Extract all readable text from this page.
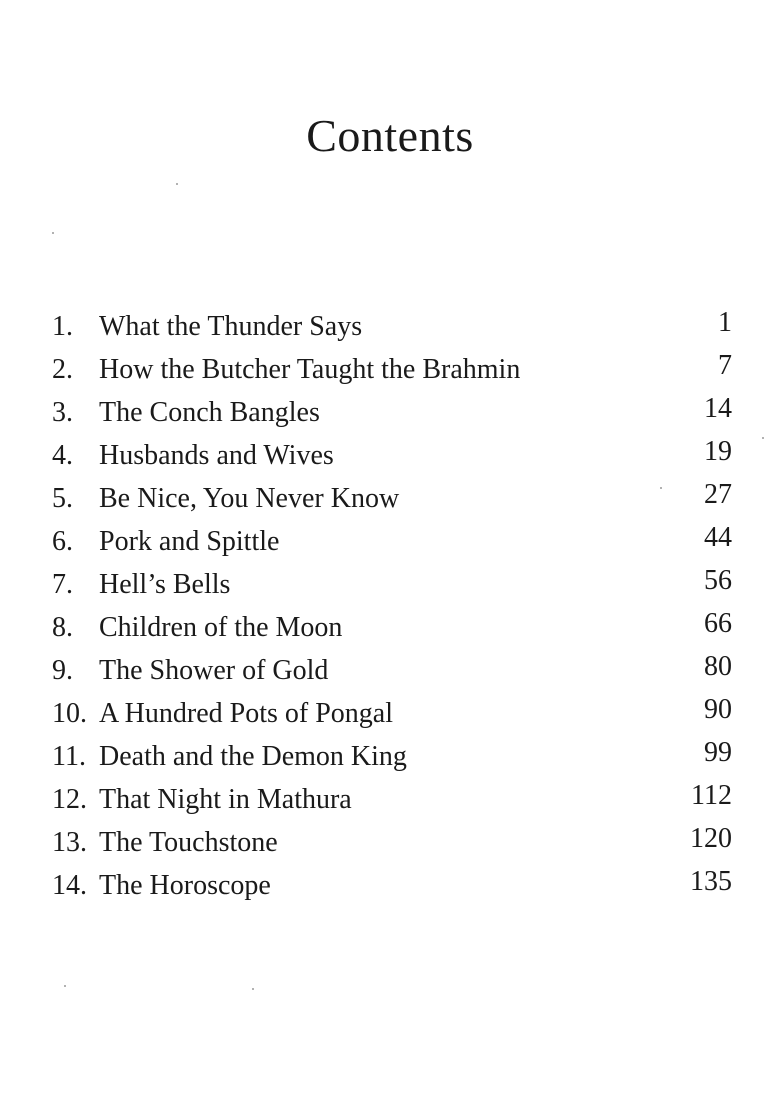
Contents
1. What the Thunder Says	1
2. How the Butcher Taught the Brahmin	7
3. The Conch Bangles	14
4. Husbands and Wives	19
5. Be Nice, You Never Know	27
6. Pork and Spittle	44
7. Hell’s Bells	56
8. Children of the Moon	66
9. The Shower of Gold	80
10. A Hundred Pots of Pongal	90
11. Death and the Demon King	99
12. That Night in Mathura	112
13. The Touchstone	120
14. The Horoscope	135
